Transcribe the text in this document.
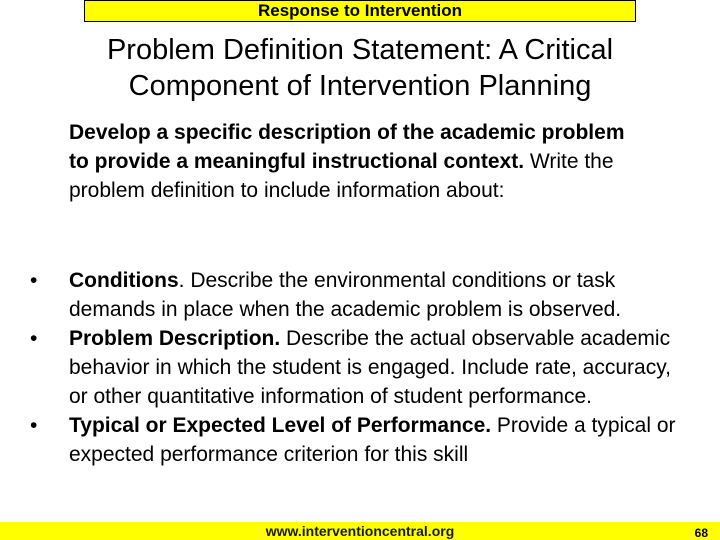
Response to Intervention
Problem Definition Statement: A Critical
Component of Intervention Planning
Develop a specific description of the academic problem to provide a meaningful instructional context. Write the problem definition to include information about:
• Conditions. Describe the environmental conditions or task demands in place when the academic problem is observed.
• Problem Description. Describe the actual observable academic behavior in which the student is engaged. Include rate, accuracy, or other quantitative information of student performance.
• Typical or Expected Level of Performance. Provide a typical or expected performance criterion for this skill
www.interventioncentral.org	68
